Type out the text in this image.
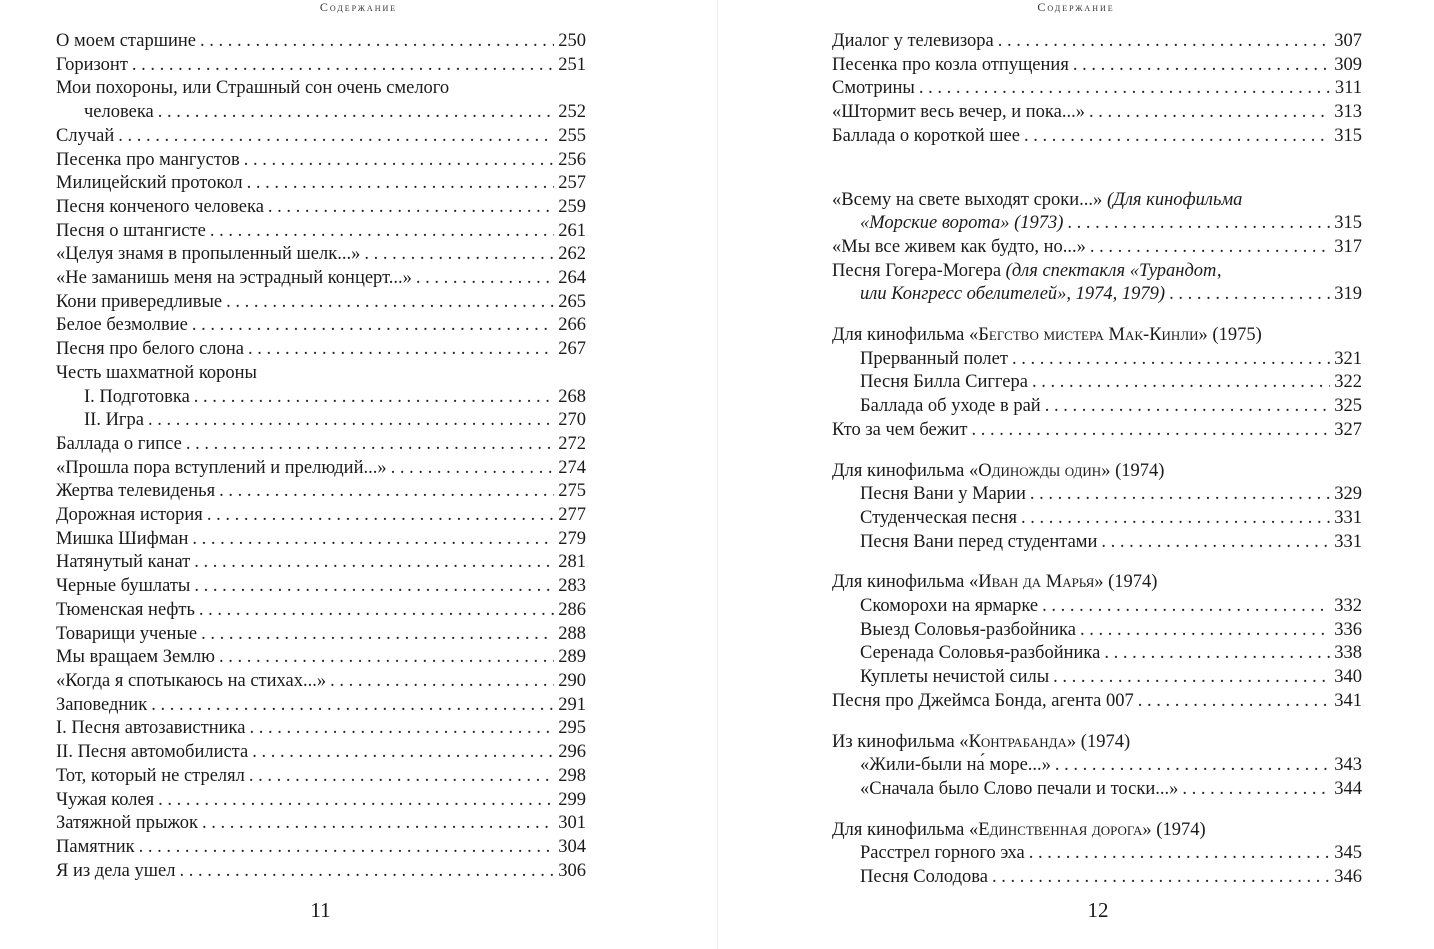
Содержание
О моем старшине . . .	250
Горизонт . . .	251
Мои похороны, или Страшный сон очень смелого
человека . . .	252
Случай . . .	255
Песенка про мангустов . . .	256
Милицейский протокол . . .	257
Песня конченого человека . . .	259
Песня о штангисте . . .	261
«Целуя знамя в пропыленный шелк...» . . .	262
«Не заманишь меня на эстрадный концерт...» . . .	264
Кони привередливые . . .	265
Белое безмолвие . . .	266
Песня про белого слона . . .	267
Честь шахматной короны
I. Подготовка . . .	268
II. Игра . . .	270
Баллада о гипсе . . .	272
«Прошла пора вступлений и прелюдий...» . . .	274
Жертва телевиденья . . .	275
Дорожная история . . .	277
Мишка Шифман . . .	279
Натянутый канат . . .	281
Черные бушлаты . . .	283
Тюменская нефть . . .	286
Товарищи ученые . . .	288
Мы вращаем Землю . . .	289
«Когда я спотыкаюсь на стихах...» . . .	290
Заповедник . . .	291
I. Песня автозавистника . . .	295
II. Песня автомобилиста . . .	296
Тот, который не стрелял . . .	298
Чужая колея . . .	299
Затяжной прыжок . . .	301
Памятник . . .	304
Я из дела ушел . . .	306
11
Содержание
Диалог у телевизора . . .	307
Песенка про козла отпущения . . .	309
Смотрины . . .	311
«Штормит весь вечер, и пока...» . . .	313
Баллада о короткой шее . . .	315
«Всему на свете выходят сроки...» (Для кинофильма
«Морские ворота» (1973) . . .	315
«Мы все живем как будто, но...» . . .	317
Песня Гогера-Могера (для спектакля «Турандот,
или Конгресс обелителей», 1974, 1979) . . .	319
Для кинофильма «Бегство мистера Мак-Кинли» (1975)
Прерванный полет . . .	321
Песня Билла Сиггера . . .	322
Баллада об уходе в рай . . .	325
Кто за чем бежит . . .	327
Для кинофильма «Одиножды один» (1974)
Песня Вани у Марии . . .	329
Студенческая песня . . .	331
Песня Вани перед студентами . . .	331
Для кинофильма «Иван да Марья» (1974)
Скоморохи на ярмарке . . .	332
Выезд Соловья-разбойника . . .	336
Серенада Соловья-разбойника . . .	338
Куплеты нечистой силы . . .	340
Песня про Джеймса Бонда, агента 007 . . .	341
Из кинофильма «Контрабанда» (1974)
«Жили-были на́ море...» . . .	343
«Сначала было Слово печали и тоски...» . . .	344
Для кинофильма «Единственная дорога» (1974)
Расстрел горного эха . . .	345
Песня Солодова . . .	346
12
